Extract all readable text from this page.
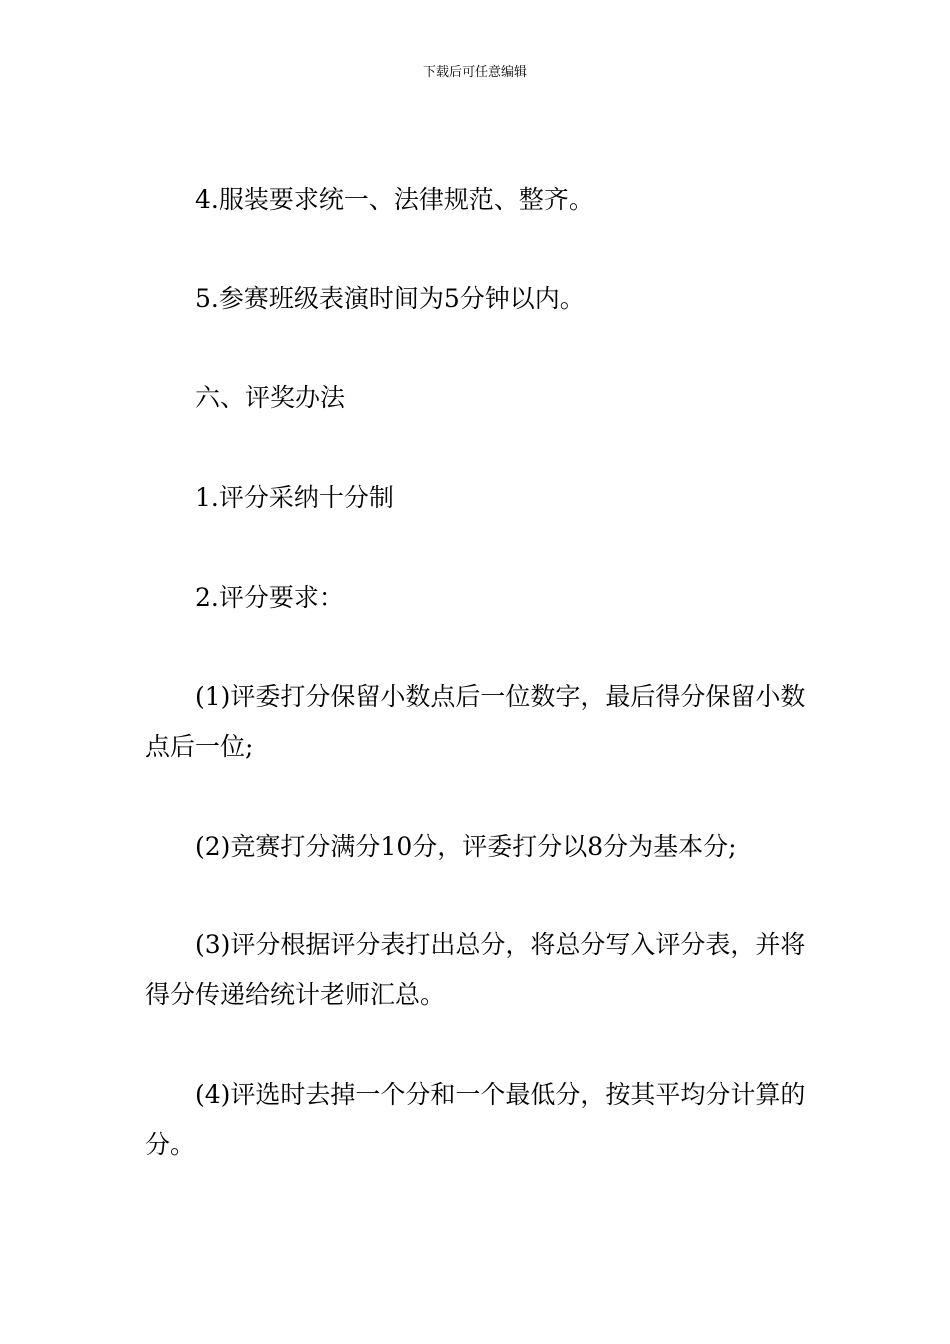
下载后可任意编辑

4.服装要求统一、法律规范、整齐。

5.参赛班级表演时间为5分钟以内。

六、评奖办法

1.评分采纳十分制

2.评分要求：

(1)评委打分保留小数点后一位数字，最后得分保留小数点后一位;

(2)竞赛打分满分10分，评委打分以8分为基本分;

(3)评分根据评分表打出总分，将总分写入评分表，并将得分传递给统计老师汇总。

(4)评选时去掉一个分和一个最低分，按其平均分计算的分。
